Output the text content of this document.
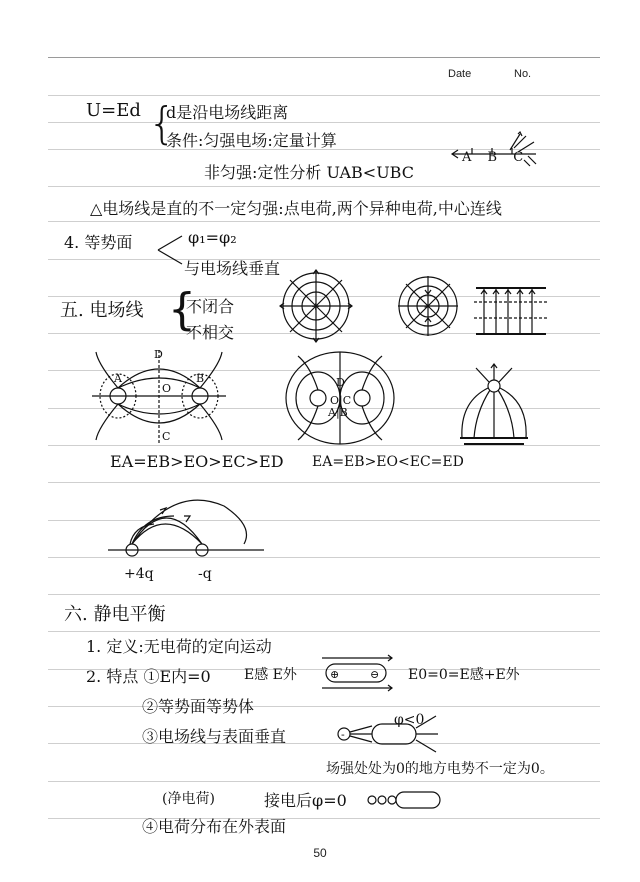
Date	No.
U=Ed {
d是沿电场线距离
条件:匀强电场:定量计算
非匀强:定性分析 UAB<UBC
A B C
△电场线是直的不一定匀强:点电荷,两个异种电荷,中心连线
4. 等势面	φ₁=φ₂
与电场线垂直
五. 电场线 {
不闭合
不相交
+	-
A
D
O
B
C
D
O|C
A|B
EA=EB>EO>EC>ED EA=EB>EO<EC=ED
+4q	-q
六. 静电平衡
1. 定义:无电荷的定向运动
2. 特点 ①E内=0 E感 E外	⊕	⊖ E0=0=E感+E外
②等势面等势体
③电场线与表面垂直	-
φ<0
场强处处为0的地方电势不一定为0。
(净电荷)	接电后φ=0
④电荷分布在外表面
50
